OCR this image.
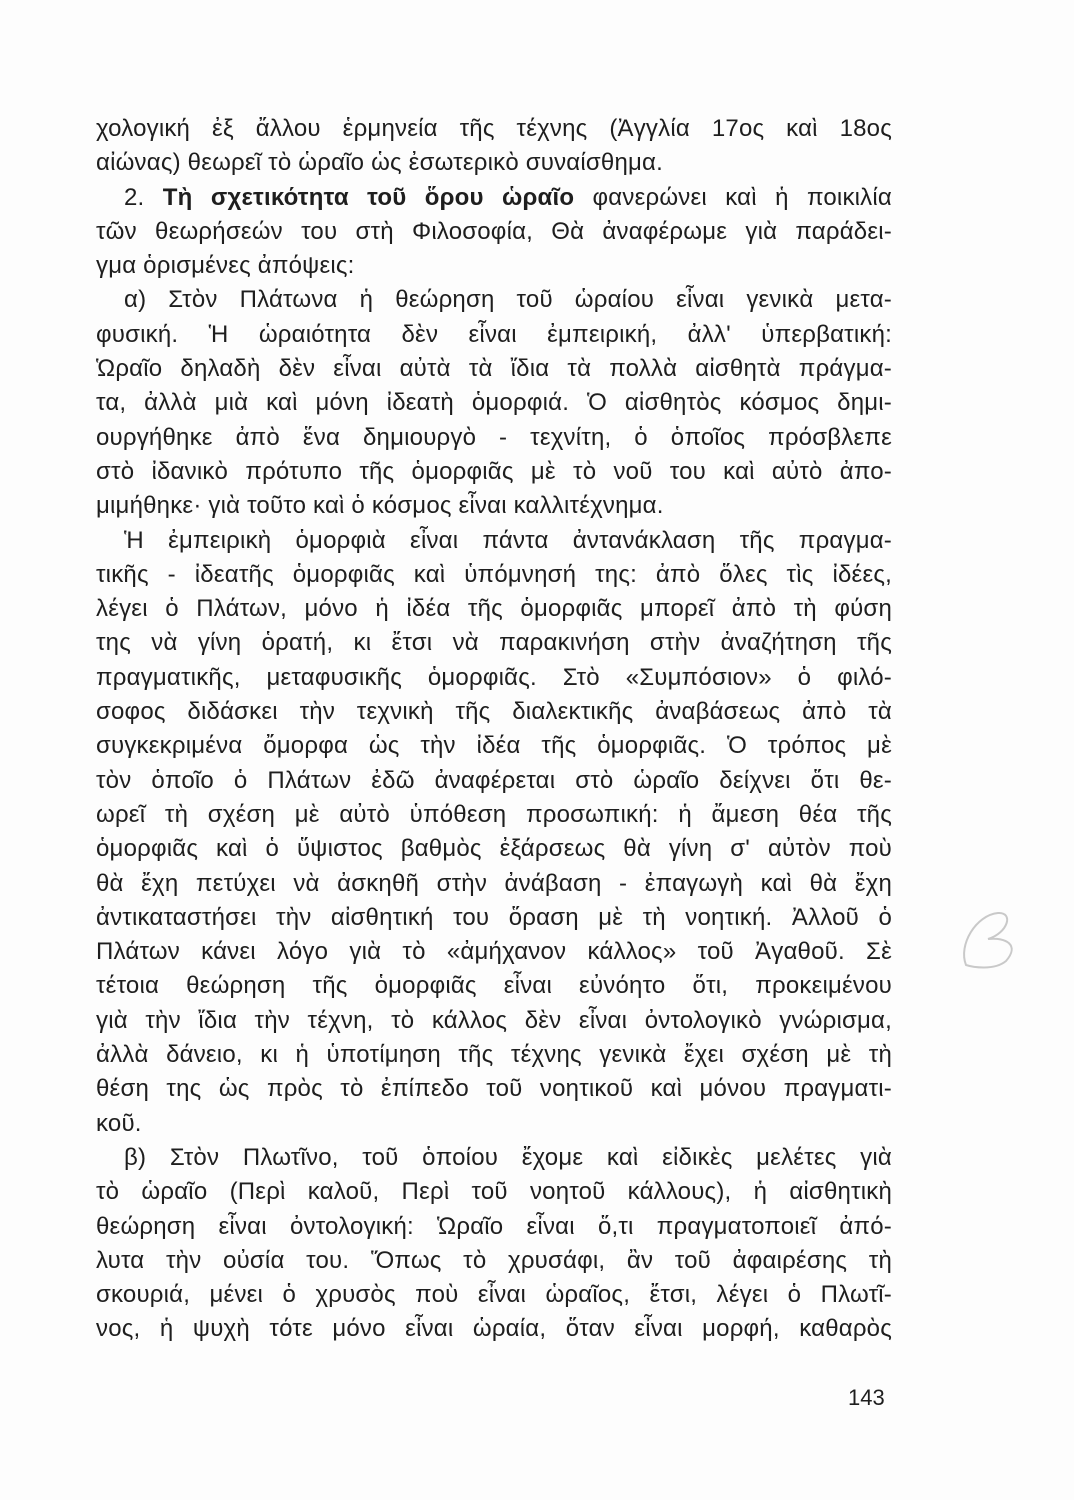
χολογική ἐξ ἄλλου ἑρμηνεία τῆς τέχνης (Ἀγγλία 17ος καὶ 18ος
αἰώνας) θεωρεῖ τὸ ὡραῖο ὡς ἐσωτερικὸ συναίσθημα.
2. Τὴ σχετικότητα τοῦ ὅρου ὡραῖο φανερώνει καὶ ἡ ποικιλία
τῶν θεωρήσεών του στὴ Φιλοσοφία, Θὰ ἀναφέρωμε γιὰ παράδει-
γμα ὁρισμένες ἀπόψεις:
α) Στὸν Πλάτωνα ἡ θεώρηση τοῦ ὡραίου εἶναι γενικὰ μετα-
φυσική. Ἡ ὡραιότητα δὲν εἶναι ἐμπειρική, ἀλλ' ὑπερβατική:
Ὡραῖο δηλαδὴ δὲν εἶναι αὐτὰ τὰ ἴδια τὰ πολλὰ αἰσθητὰ πράγμα-
τα, ἀλλὰ μιὰ καὶ μόνη ἰδεατὴ ὁμορφιά. Ὁ αἰσθητὸς κόσμος δημι-
ουργήθηκε ἀπὸ ἕνα δημιουργὸ - τεχνίτη, ὁ ὁποῖος πρόσβλεπε
στὸ ἰδανικὸ πρότυπο τῆς ὁμορφιᾶς μὲ τὸ νοῦ του καὶ αὐτὸ ἀπο-
μιμήθηκε· γιὰ τοῦτο καὶ ὁ κόσμος εἶναι καλλιτέχνημα.
Ἡ ἐμπειρικὴ ὁμορφιὰ εἶναι πάντα ἀντανάκλαση τῆς πραγμα-
τικῆς - ἰδεατῆς ὁμορφιᾶς καὶ ὑπόμνησή της: ἀπὸ ὅλες τὶς ἰδέες,
λέγει ὁ Πλάτων, μόνο ἡ ἰδέα τῆς ὁμορφιᾶς μπορεῖ ἀπὸ τὴ φύση
της νὰ γίνη ὁρατή, κι ἔτσι νὰ παρακινήση στὴν ἀναζήτηση τῆς
πραγματικῆς, μεταφυσικῆς ὁμορφιᾶς. Στὸ «Συμπόσιον» ὁ φιλό-
σοφος διδάσκει τὴν τεχνικὴ τῆς διαλεκτικῆς ἀναβάσεως ἀπὸ τὰ
συγκεκριμένα ὄμορφα ὡς τὴν ἰδέα τῆς ὁμορφιᾶς. Ὁ τρόπος μὲ
τὸν ὁποῖο ὁ Πλάτων ἐδῶ ἀναφέρεται στὸ ὡραῖο δείχνει ὅτι θε-
ωρεῖ τὴ σχέση μὲ αὐτὸ ὑπόθεση προσωπική: ἡ ἄμεση θέα τῆς
ὁμορφιᾶς καὶ ὁ ὕψιστος βαθμὸς ἐξάρσεως θὰ γίνη σ' αὐτὸν ποὺ
θὰ ἔχη πετύχει νὰ ἀσκηθῆ στὴν ἀνάβαση - ἐπαγωγὴ καὶ θὰ ἔχη
ἀντικαταστήσει τὴν αἰσθητική του ὅραση μὲ τὴ νοητική. Ἀλλοῦ ὁ
Πλάτων κάνει λόγο γιὰ τὸ «ἀμήχανον κάλλος» τοῦ Ἀγαθοῦ. Σὲ
τέτοια θεώρηση τῆς ὁμορφιᾶς εἶναι εὐνόητο ὅτι, προκειμένου
γιὰ τὴν ἴδια τὴν τέχνη, τὸ κάλλος δὲν εἶναι ὀντολογικὸ γνώρισμα,
ἀλλὰ δάνειο, κι ἡ ὑποτίμηση τῆς τέχνης γενικὰ ἔχει σχέση μὲ τὴ
θέση της ὡς πρὸς τὸ ἐπίπεδο τοῦ νοητικοῦ καὶ μόνου πραγματι-
κοῦ.
β) Στὸν Πλωτῖνο, τοῦ ὁποίου ἔχομε καὶ εἰδικὲς μελέτες γιὰ
τὸ ὡραῖο (Περὶ καλοῦ, Περὶ τοῦ νοητοῦ κάλλους), ἡ αἰσθητικὴ
θεώρηση εἶναι ὀντολογική: Ὡραῖο εἶναι ὅ,τι πραγματοποιεῖ ἀπό-
λυτα τὴν οὐσία του. Ὅπως τὸ χρυσάφι, ἂν τοῦ ἀφαιρέσης τὴ
σκουριά, μένει ὁ χρυσὸς ποὺ εἶναι ὡραῖος, ἔτσι, λέγει ὁ Πλωτῖ-
νος, ἡ ψυχὴ τότε μόνο εἶναι ὡραία, ὅταν εἶναι μορφή, καθαρὸς
143
